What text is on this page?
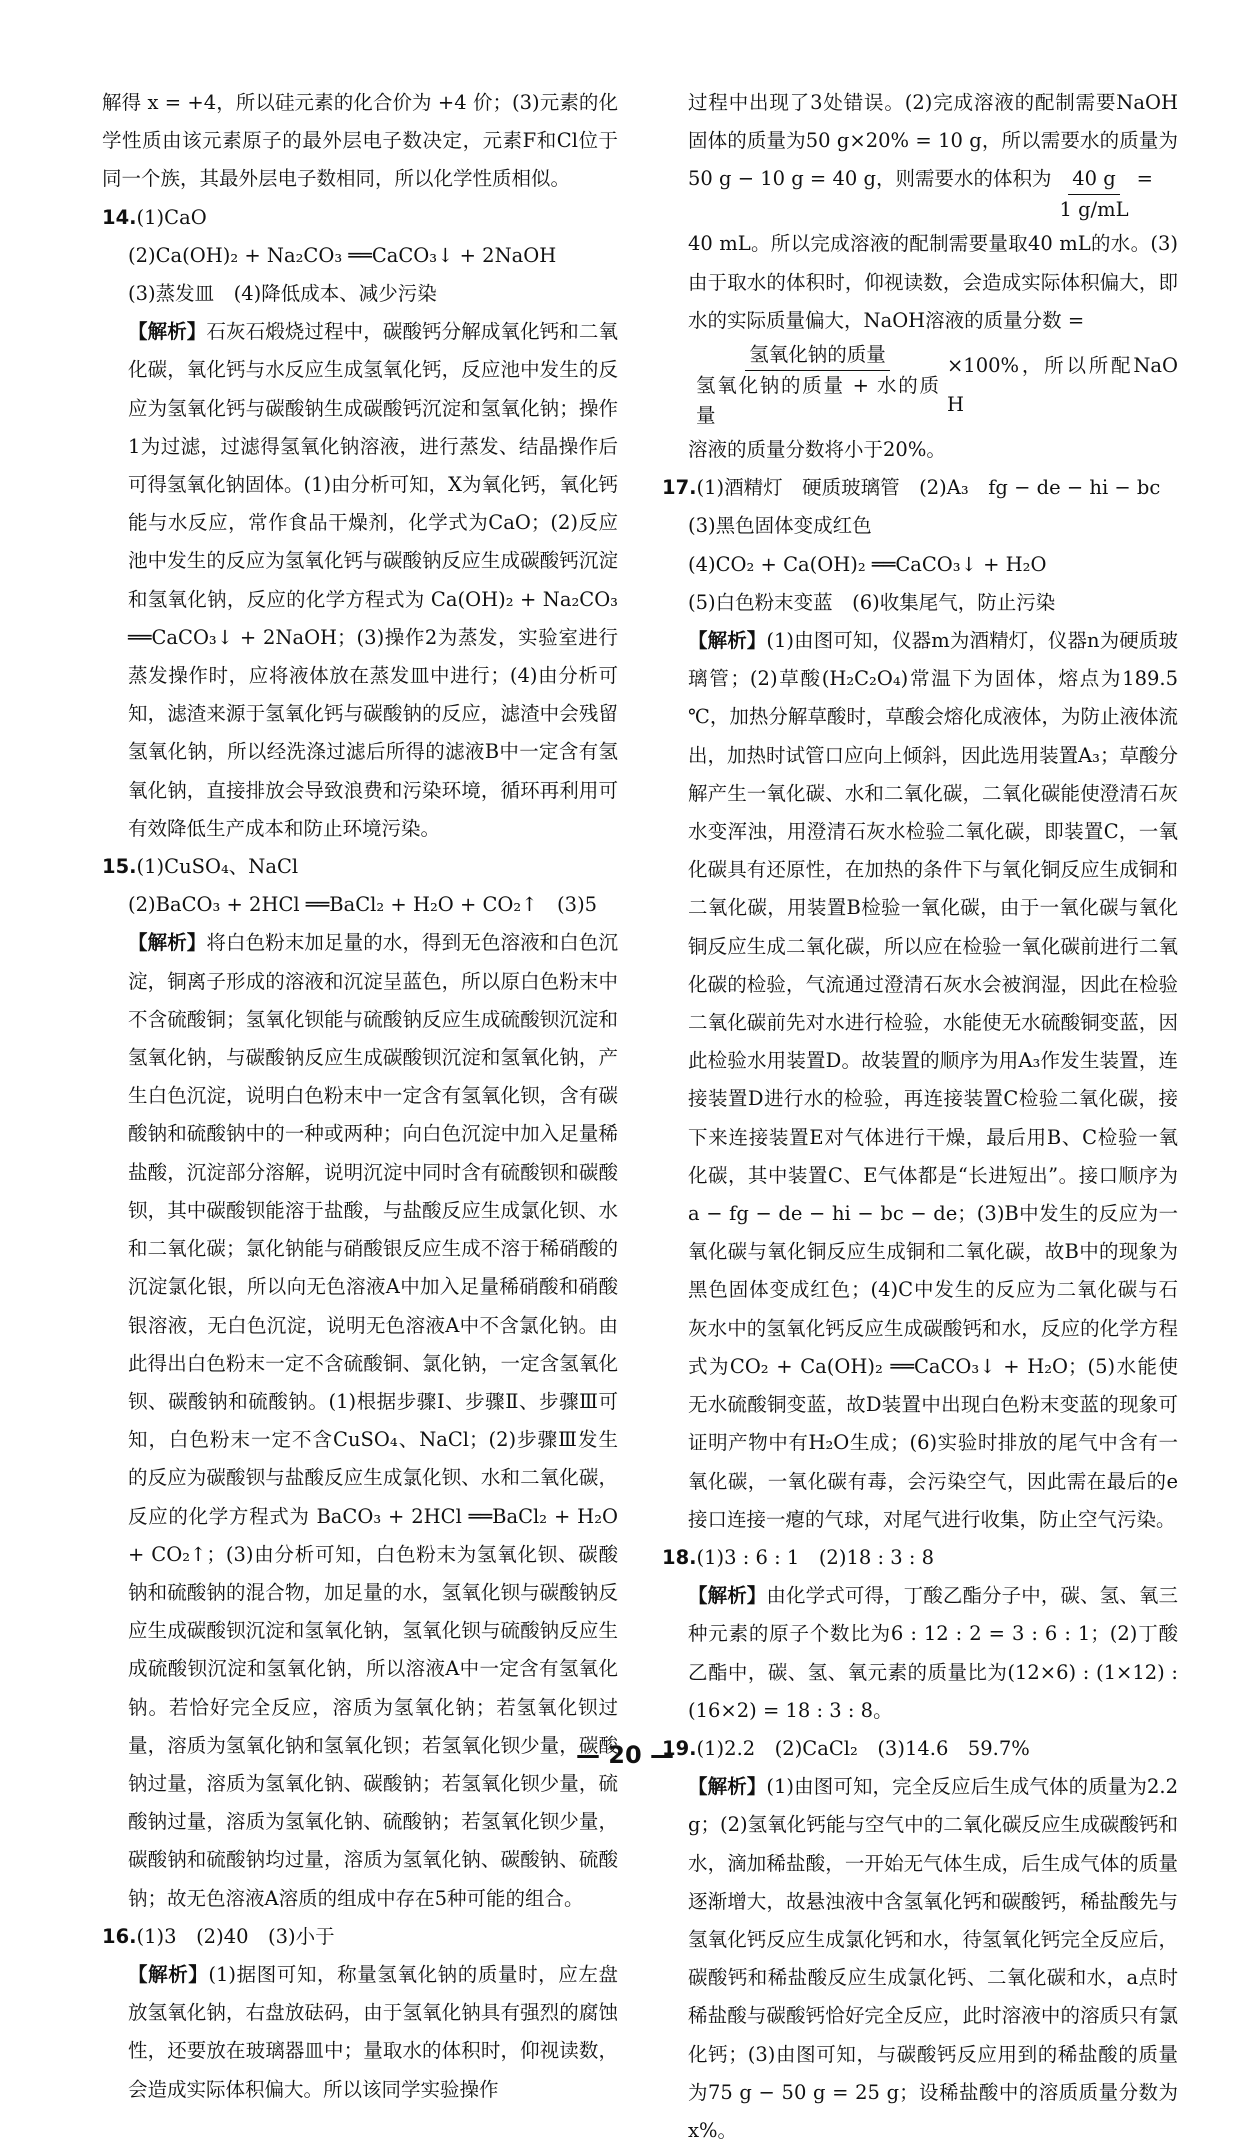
解得 x = +4，所以硅元素的化合价为 +4 价；(3)元素的化学性质由该元素原子的最外层电子数决定，元素F和Cl位于同一个族，其最外层电子数相同，所以化学性质相似。

14.(1)CaO
(2)Ca(OH)₂ + Na₂CO₃ ══CaCO₃↓ + 2NaOH
(3)蒸发皿　(4)降低成本、减少污染

【解析】石灰石煅烧过程中，碳酸钙分解成氧化钙和二氧化碳，氧化钙与水反应生成氢氧化钙，反应池中发生的反应为氢氧化钙与碳酸钠生成碳酸钙沉淀和氢氧化钠；操作1为过滤，过滤得氢氧化钠溶液，进行蒸发、结晶操作后可得氢氧化钠固体。(1)由分析可知，X为氧化钙，氧化钙能与水反应，常作食品干燥剂，化学式为CaO；(2)反应池中发生的反应为氢氧化钙与碳酸钠反应生成碳酸钙沉淀和氢氧化钠，反应的化学方程式为 Ca(OH)₂ + Na₂CO₃ ══CaCO₃↓ + 2NaOH；(3)操作2为蒸发，实验室进行蒸发操作时，应将液体放在蒸发皿中进行；(4)由分析可知，滤渣来源于氢氧化钙与碳酸钠的反应，滤渣中会残留氢氧化钠，所以经洗涤过滤后所得的滤液B中一定含有氢氧化钠，直接排放会导致浪费和污染环境，循环再利用可有效降低生产成本和防止环境污染。

15.(1)CuSO₄、NaCl
(2)BaCO₃ + 2HCl ══BaCl₂ + H₂O + CO₂↑　(3)5

【解析】将白色粉末加足量的水，得到无色溶液和白色沉淀，铜离子形成的溶液和沉淀呈蓝色，所以原白色粉末中不含硫酸铜；氢氧化钡能与硫酸钠反应生成硫酸钡沉淀和氢氧化钠，与碳酸钠反应生成碳酸钡沉淀和氢氧化钠，产生白色沉淀，说明白色粉末中一定含有氢氧化钡，含有碳酸钠和硫酸钠中的一种或两种；向白色沉淀中加入足量稀盐酸，沉淀部分溶解，说明沉淀中同时含有硫酸钡和碳酸钡，其中碳酸钡能溶于盐酸，与盐酸反应生成氯化钡、水和二氧化碳；氯化钠能与硝酸银反应生成不溶于稀硝酸的沉淀氯化银，所以向无色溶液A中加入足量稀硝酸和硝酸银溶液，无白色沉淀，说明无色溶液A中不含氯化钠。由此得出白色粉末一定不含硫酸铜、氯化钠，一定含氢氧化钡、碳酸钠和硫酸钠。(1)根据步骤Ⅰ、步骤Ⅱ、步骤Ⅲ可知，白色粉末一定不含CuSO₄、NaCl；(2)步骤Ⅲ发生的反应为碳酸钡与盐酸反应生成氯化钡、水和二氧化碳，反应的化学方程式为 BaCO₃ + 2HCl ══BaCl₂ + H₂O + CO₂↑；(3)由分析可知，白色粉末为氢氧化钡、碳酸钠和硫酸钠的混合物，加足量的水，氢氧化钡与碳酸钠反应生成碳酸钡沉淀和氢氧化钠，氢氧化钡与硫酸钠反应生成硫酸钡沉淀和氢氧化钠，所以溶液A中一定含有氢氧化钠。若恰好完全反应，溶质为氢氧化钠；若氢氧化钡过量，溶质为氢氧化钠和氢氧化钡；若氢氧化钡少量，碳酸钠过量，溶质为氢氧化钠、碳酸钠；若氢氧化钡少量，硫酸钠过量，溶质为氢氧化钠、硫酸钠；若氢氧化钡少量，碳酸钠和硫酸钠均过量，溶质为氢氧化钠、碳酸钠、硫酸钠；故无色溶液A溶质的组成中存在5种可能的组合。

16.(1)3　(2)40　(3)小于

【解析】(1)据图可知，称量氢氧化钠的质量时，应左盘放氢氧化钠，右盘放砝码，由于氢氧化钠具有强烈的腐蚀性，还要放在玻璃器皿中；量取水的体积时，仰视读数，会造成实际体积偏大。所以该同学实验操作

过程中出现了3处错误。(2)完成溶液的配制需要NaOH固体的质量为50 g×20% = 10 g，所以需要水的质量为50 g − 10 g = 40 g，则需要水的体积为 $\frac{40 g}{1 g/mL}$ =

40 mL。所以完成溶液的配制需要量取40 mL的水。(3)由于取水的体积时，仰视读数，会造成实际体积偏大，即水的实际质量偏大，NaOH溶液的质量分数 =

$\frac{\text{氢氧化钠的质量}}{\text{氢氧化钠的质量 + 水的质量}} \times 100\%$，所以所配NaOH
溶液的质量分数将小于20%。
17.(1)酒精灯　硬质玻璃管　(2)A₃　fg − de − hi − bc
(3)黑色固体变成红色
(4)CO₂ + Ca(OH)₂ ══CaCO₃↓ + H₂O
(5)白色粉末变蓝　(6)收集尾气，防止污染

【解析】(1)由图可知，仪器m为酒精灯，仪器n为硬质玻璃管；(2)草酸(H₂C₂O₄)常温下为固体，熔点为189.5 ℃，加热分解草酸时，草酸会熔化成液体，为防止液体流出，加热时试管口应向上倾斜，因此选用装置A₃；草酸分解产生一氧化碳、水和二氧化碳，二氧化碳能使澄清石灰水变浑浊，用澄清石灰水检验二氧化碳，即装置C，一氧化碳具有还原性，在加热的条件下与氧化铜反应生成铜和二氧化碳，用装置B检验一氧化碳，由于一氧化碳与氧化铜反应生成二氧化碳，所以应在检验一氧化碳前进行二氧化碳的检验，气流通过澄清石灰水会被润湿，因此在检验二氧化碳前先对水进行检验，水能使无水硫酸铜变蓝，因此检验水用装置D。故装置的顺序为用A₃作发生装置，连接装置D进行水的检验，再连接装置C检验二氧化碳，接下来连接装置E对气体进行干燥，最后用B、C检验一氧化碳，其中装置C、E气体都是“长进短出”。接口顺序为 a − fg − de − hi − bc − de；(3)B中发生的反应为一氧化碳与氧化铜反应生成铜和二氧化碳，故B中的现象为黑色固体变成红色；(4)C中发生的反应为二氧化碳与石灰水中的氢氧化钙反应生成碳酸钙和水，反应的化学方程式为CO₂ + Ca(OH)₂ ══CaCO₃↓ + H₂O；(5)水能使无水硫酸铜变蓝，故D装置中出现白色粉末变蓝的现象可证明产物中有H₂O生成；(6)实验时排放的尾气中含有一氧化碳，一氧化碳有毒，会污染空气，因此需在最后的e接口连接一瘪的气球，对尾气进行收集，防止空气污染。

18.(1)3 : 6 : 1　(2)18 : 3 : 8

【解析】由化学式可得，丁酸乙酯分子中，碳、氢、氧三种元素的原子个数比为6 : 12 : 2 = 3 : 6 : 1；(2)丁酸乙酯中，碳、氢、氧元素的质量比为(12×6) : (1×12) : (16×2) = 18 : 3 : 8。

19.(1)2.2　(2)CaCl₂　(3)14.6　59.7%

【解析】(1)由图可知，完全反应后生成气体的质量为2.2 g；(2)氢氧化钙能与空气中的二氧化碳反应生成碳酸钙和水，滴加稀盐酸，一开始无气体生成，后生成气体的质量逐渐增大，故悬浊液中含氢氧化钙和碳酸钙，稀盐酸先与氢氧化钙反应生成氯化钙和水，待氢氧化钙完全反应后，碳酸钙和稀盐酸反应生成氯化钙、二氧化碳和水，a点时稀盐酸与碳酸钙恰好完全反应，此时溶液中的溶质只有氯化钙；(3)由图可知，与碳酸钙反应用到的稀盐酸的质量为75 g − 50 g = 25 g；设稀盐酸中的溶质质量分数为x%。

— 20 —
